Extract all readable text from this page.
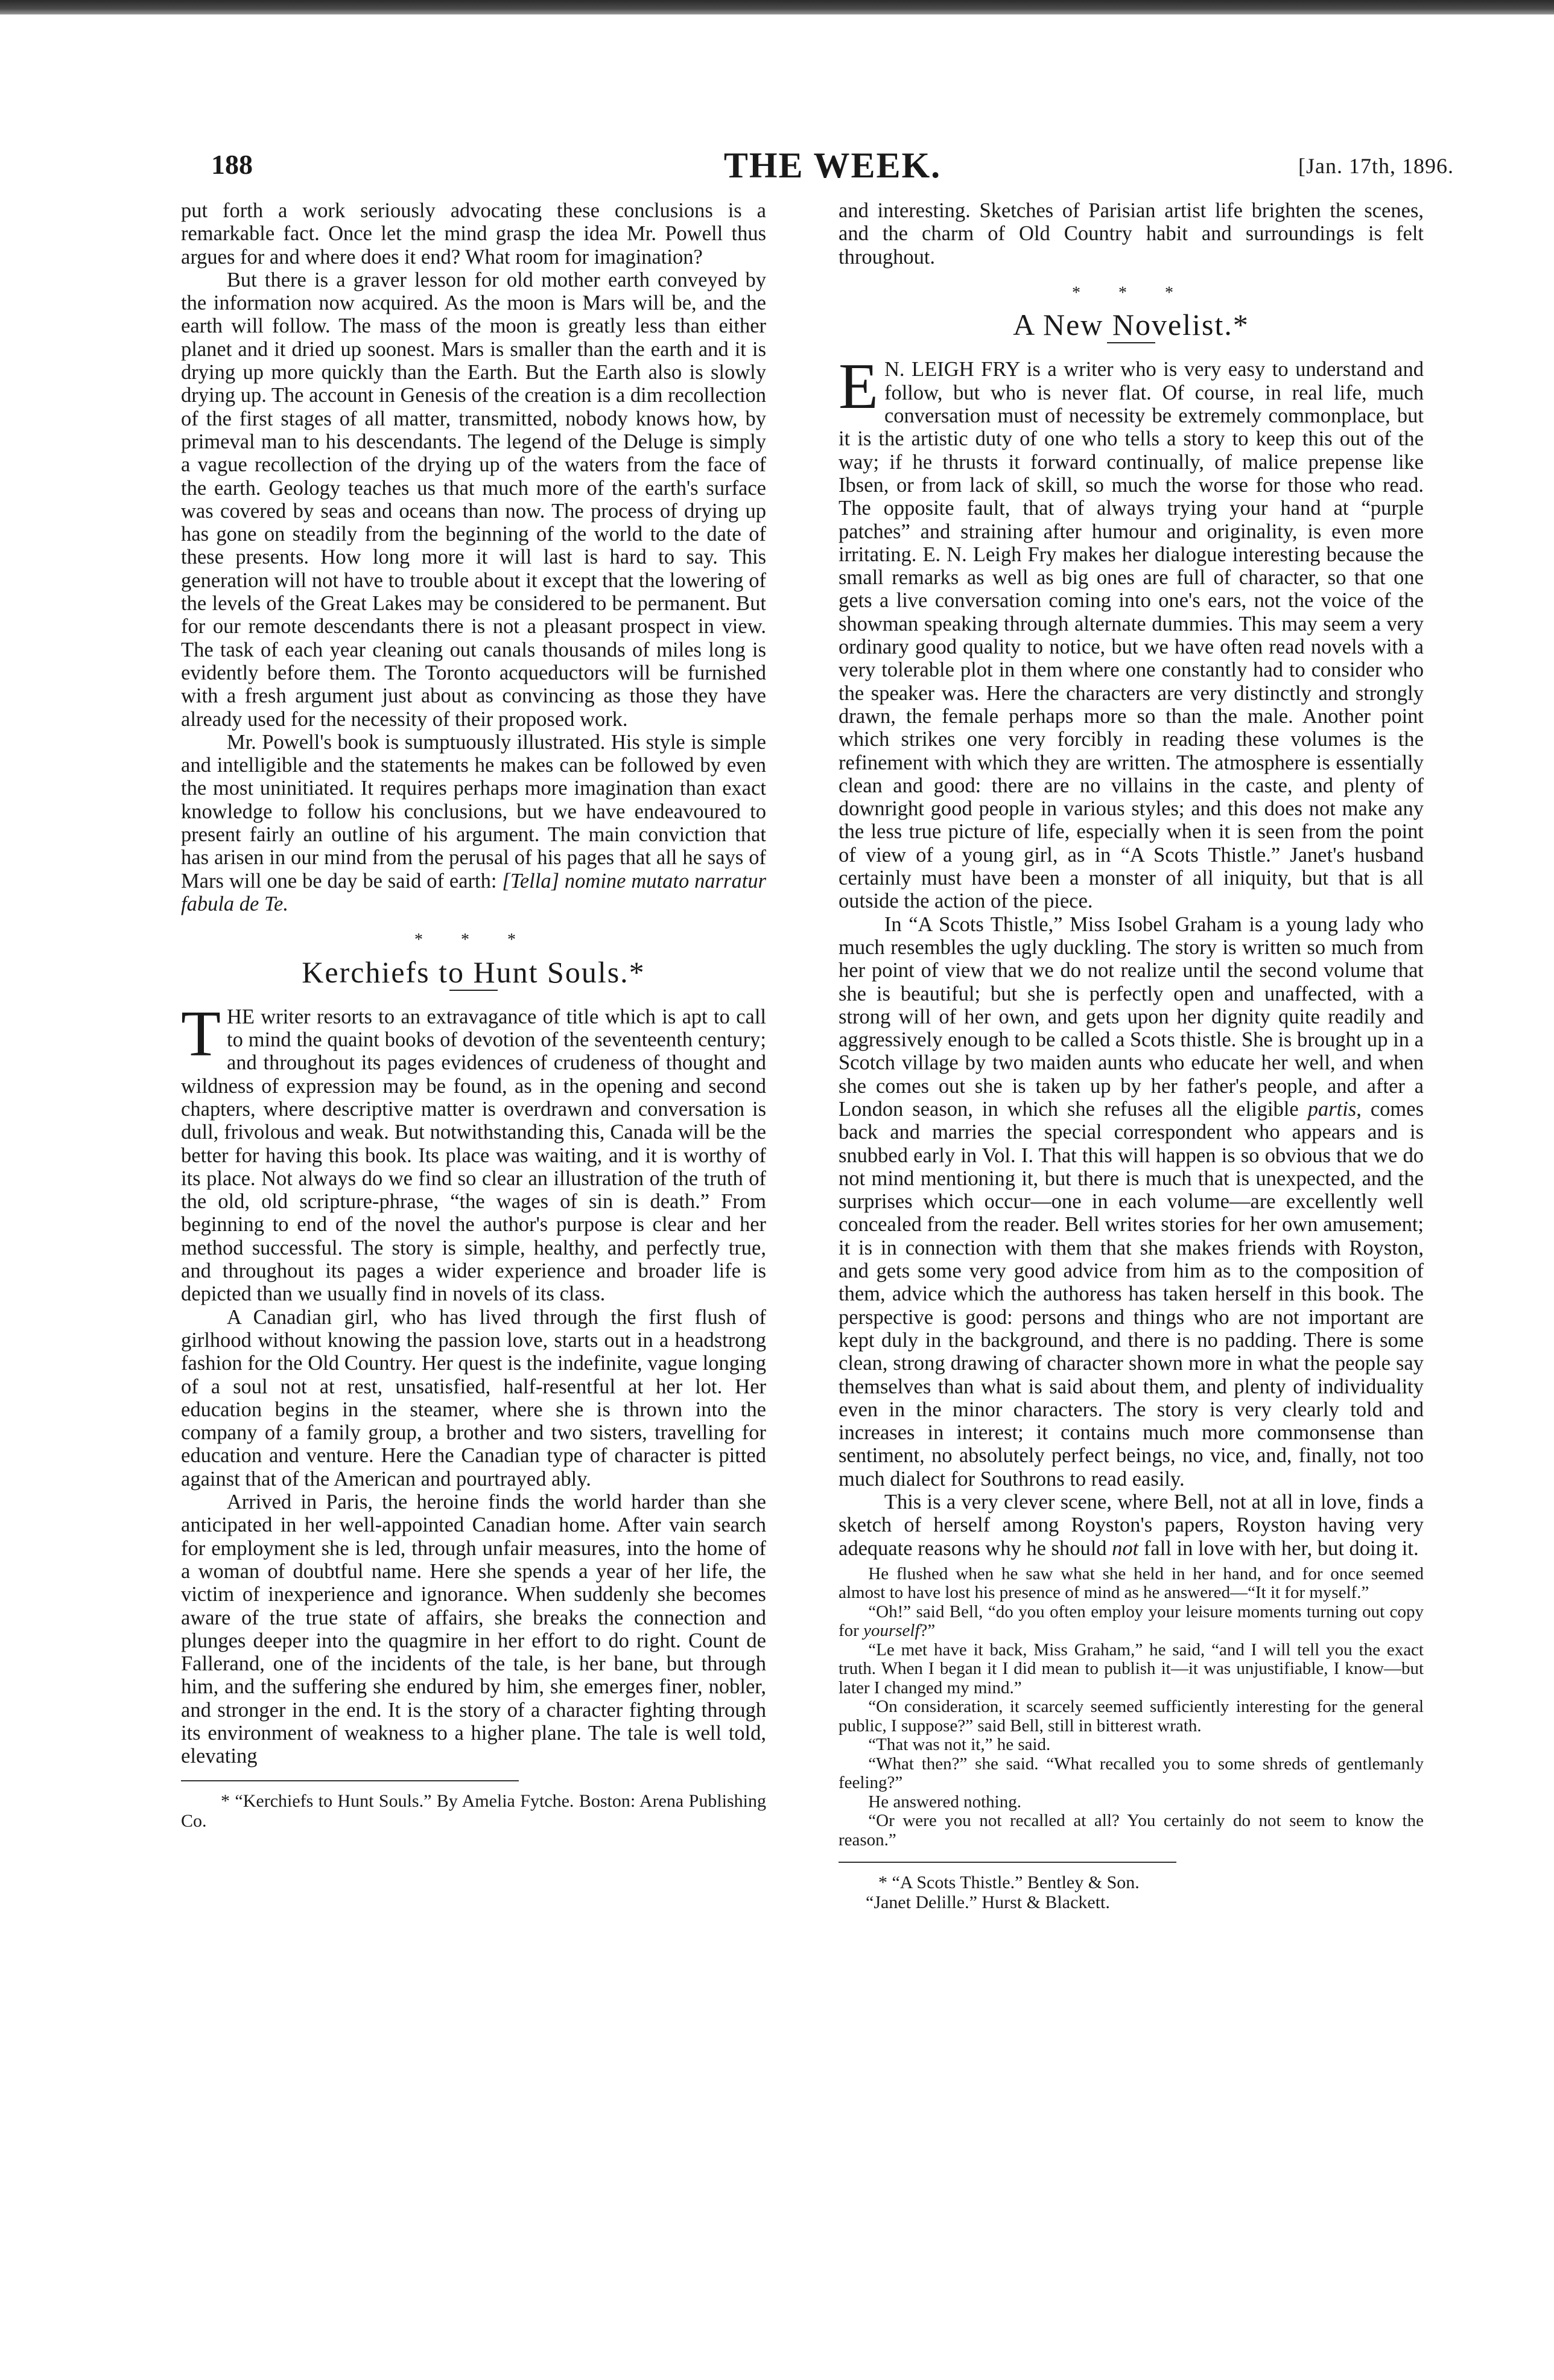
188	THE WEEK.	[Jan. 17th, 1896.

put forth a work seriously advocating these conclusions is a remarkable fact. Once let the mind grasp the idea Mr. Powell thus argues for and where does it end? What room for imagination?

But there is a graver lesson for old mother earth conveyed by the information now acquired. As the moon is Mars will be, and the earth will follow. The mass of the moon is greatly less than either planet and it dried up soonest. Mars is smaller than the earth and it is drying up more quickly than the Earth. But the Earth also is slowly drying up. The account in Genesis of the creation is a dim recollection of the first stages of all matter, transmitted, nobody knows how, by primeval man to his descendants. The legend of the Deluge is simply a vague recollection of the drying up of the waters from the face of the earth. Geology teaches us that much more of the earth's surface was covered by seas and oceans than now. The process of drying up has gone on steadily from the beginning of the world to the date of these presents. How long more it will last is hard to say. This generation will not have to trouble about it except that the lowering of the levels of the Great Lakes may be considered to be permanent. But for our remote descendants there is not a pleasant prospect in view. The task of each year cleaning out canals thousands of miles long is evidently before them. The Toronto acqueductors will be furnished with a fresh argument just about as convincing as those they have already used for the necessity of their proposed work.

Mr. Powell's book is sumptuously illustrated. His style is simple and intelligible and the statements he makes can be followed by even the most uninitiated. It requires perhaps more imagination than exact knowledge to follow his conclusions, but we have endeavoured to present fairly an outline of his argument. The main conviction that has arisen in our mind from the perusal of his pages that all he says of Mars will one be day be said of earth: [Tella] nomine mutato narratur fabula de Te.

* * *
Kerchiefs to Hunt Souls.*

THE writer resorts to an extravagance of title which is apt to call to mind the quaint books of devotion of the seventeenth century; and throughout its pages evidences of crudeness of thought and wildness of expression may be found, as in the opening and second chapters, where descriptive matter is overdrawn and conversation is dull, frivolous and weak. But notwithstanding this, Canada will be the better for having this book. Its place was waiting, and it is worthy of its place. Not always do we find so clear an illustration of the truth of the old, old scripture-phrase, “the wages of sin is death.” From beginning to end of the novel the author's purpose is clear and her method successful. The story is simple, healthy, and perfectly true, and throughout its pages a wider experience and broader life is depicted than we usually find in novels of its class.

A Canadian girl, who has lived through the first flush of girlhood without knowing the passion love, starts out in a headstrong fashion for the Old Country. Her quest is the indefinite, vague longing of a soul not at rest, unsatisfied, half-resentful at her lot. Her education begins in the steamer, where she is thrown into the company of a family group, a brother and two sisters, travelling for education and venture. Here the Canadian type of character is pitted against that of the American and pourtrayed ably.

Arrived in Paris, the heroine finds the world harder than she anticipated in her well-appointed Canadian home. After vain search for employment she is led, through unfair measures, into the home of a woman of doubtful name. Here she spends a year of her life, the victim of inexperience and ignorance. When suddenly she becomes aware of the true state of affairs, she breaks the connection and plunges deeper into the quagmire in her effort to do right. Count de Fallerand, one of the incidents of the tale, is her bane, but through him, and the suffering she endured by him, she emerges finer, nobler, and stronger in the end. It is the story of a character fighting through its environment of weakness to a higher plane. The tale is well told, elevating

* “Kerchiefs to Hunt Souls.” By Amelia Fytche. Boston: Arena Publishing Co.

and interesting. Sketches of Parisian artist life brighten the scenes, and the charm of Old Country habit and surroundings is felt throughout.

* * *
A New Novelist.*

E N. LEIGH FRY is a writer who is very easy to understand and follow, but who is never flat. Of course, in real life, much conversation must of necessity be extremely commonplace, but it is the artistic duty of one who tells a story to keep this out of the way; if he thrusts it forward continually, of malice prepense like Ibsen, or from lack of skill, so much the worse for those who read. The opposite fault, that of always trying your hand at “purple patches” and straining after humour and originality, is even more irritating. E. N. Leigh Fry makes her dialogue interesting because the small remarks as well as big ones are full of character, so that one gets a live conversation coming into one's ears, not the voice of the showman speaking through alternate dummies. This may seem a very ordinary good quality to notice, but we have often read novels with a very tolerable plot in them where one constantly had to consider who the speaker was. Here the characters are very distinctly and strongly drawn, the female perhaps more so than the male. Another point which strikes one very forcibly in reading these volumes is the refinement with which they are written. The atmosphere is essentially clean and good: there are no villains in the caste, and plenty of downright good people in various styles; and this does not make any the less true picture of life, especially when it is seen from the point of view of a young girl, as in “A Scots Thistle.” Janet's husband certainly must have been a monster of all iniquity, but that is all outside the action of the piece.

In “A Scots Thistle,” Miss Isobel Graham is a young lady who much resembles the ugly duckling. The story is written so much from her point of view that we do not realize until the second volume that she is beautiful; but she is perfectly open and unaffected, with a strong will of her own, and gets upon her dignity quite readily and aggressively enough to be called a Scots thistle. She is brought up in a Scotch village by two maiden aunts who educate her well, and when she comes out she is taken up by her father's people, and after a London season, in which she refuses all the eligible partis, comes back and marries the special correspondent who appears and is snubbed early in Vol. I. That this will happen is so obvious that we do not mind mentioning it, but there is much that is unexpected, and the surprises which occur—one in each volume—are excellently well concealed from the reader. Bell writes stories for her own amusement; it is in connection with them that she makes friends with Royston, and gets some very good advice from him as to the composition of them, advice which the authoress has taken herself in this book. The perspective is good: persons and things who are not important are kept duly in the background, and there is no padding. There is some clean, strong drawing of character shown more in what the people say themselves than what is said about them, and plenty of individuality even in the minor characters. The story is very clearly told and increases in interest; it contains much more commonsense than sentiment, no absolutely perfect beings, no vice, and, finally, not too much dialect for Southrons to read easily.

This is a very clever scene, where Bell, not at all in love, finds a sketch of herself among Royston's papers, Royston having very adequate reasons why he should not fall in love with her, but doing it.

He flushed when he saw what she held in her hand, and for once seemed almost to have lost his presence of mind as he answered—“It it for myself.”

“Oh!” said Bell, “do you often employ your leisure moments turning out copy for yourself?”

“Le met have it back, Miss Graham,” he said, “and I will tell you the exact truth. When I began it I did mean to publish it—it was unjustifiable, I know—but later I changed my mind.”

“On consideration, it scarcely seemed sufficiently interesting for the general public, I suppose?” said Bell, still in bitterest wrath.

“That was not it,” he said.

“What then?” she said. “What recalled you to some shreds of gentlemanly feeling?”

He answered nothing.

“Or were you not recalled at all? You certainly do not seem to know the reason.”

* “A Scots Thistle.” Bentley & Son.

“Janet Delille.” Hurst & Blackett.
